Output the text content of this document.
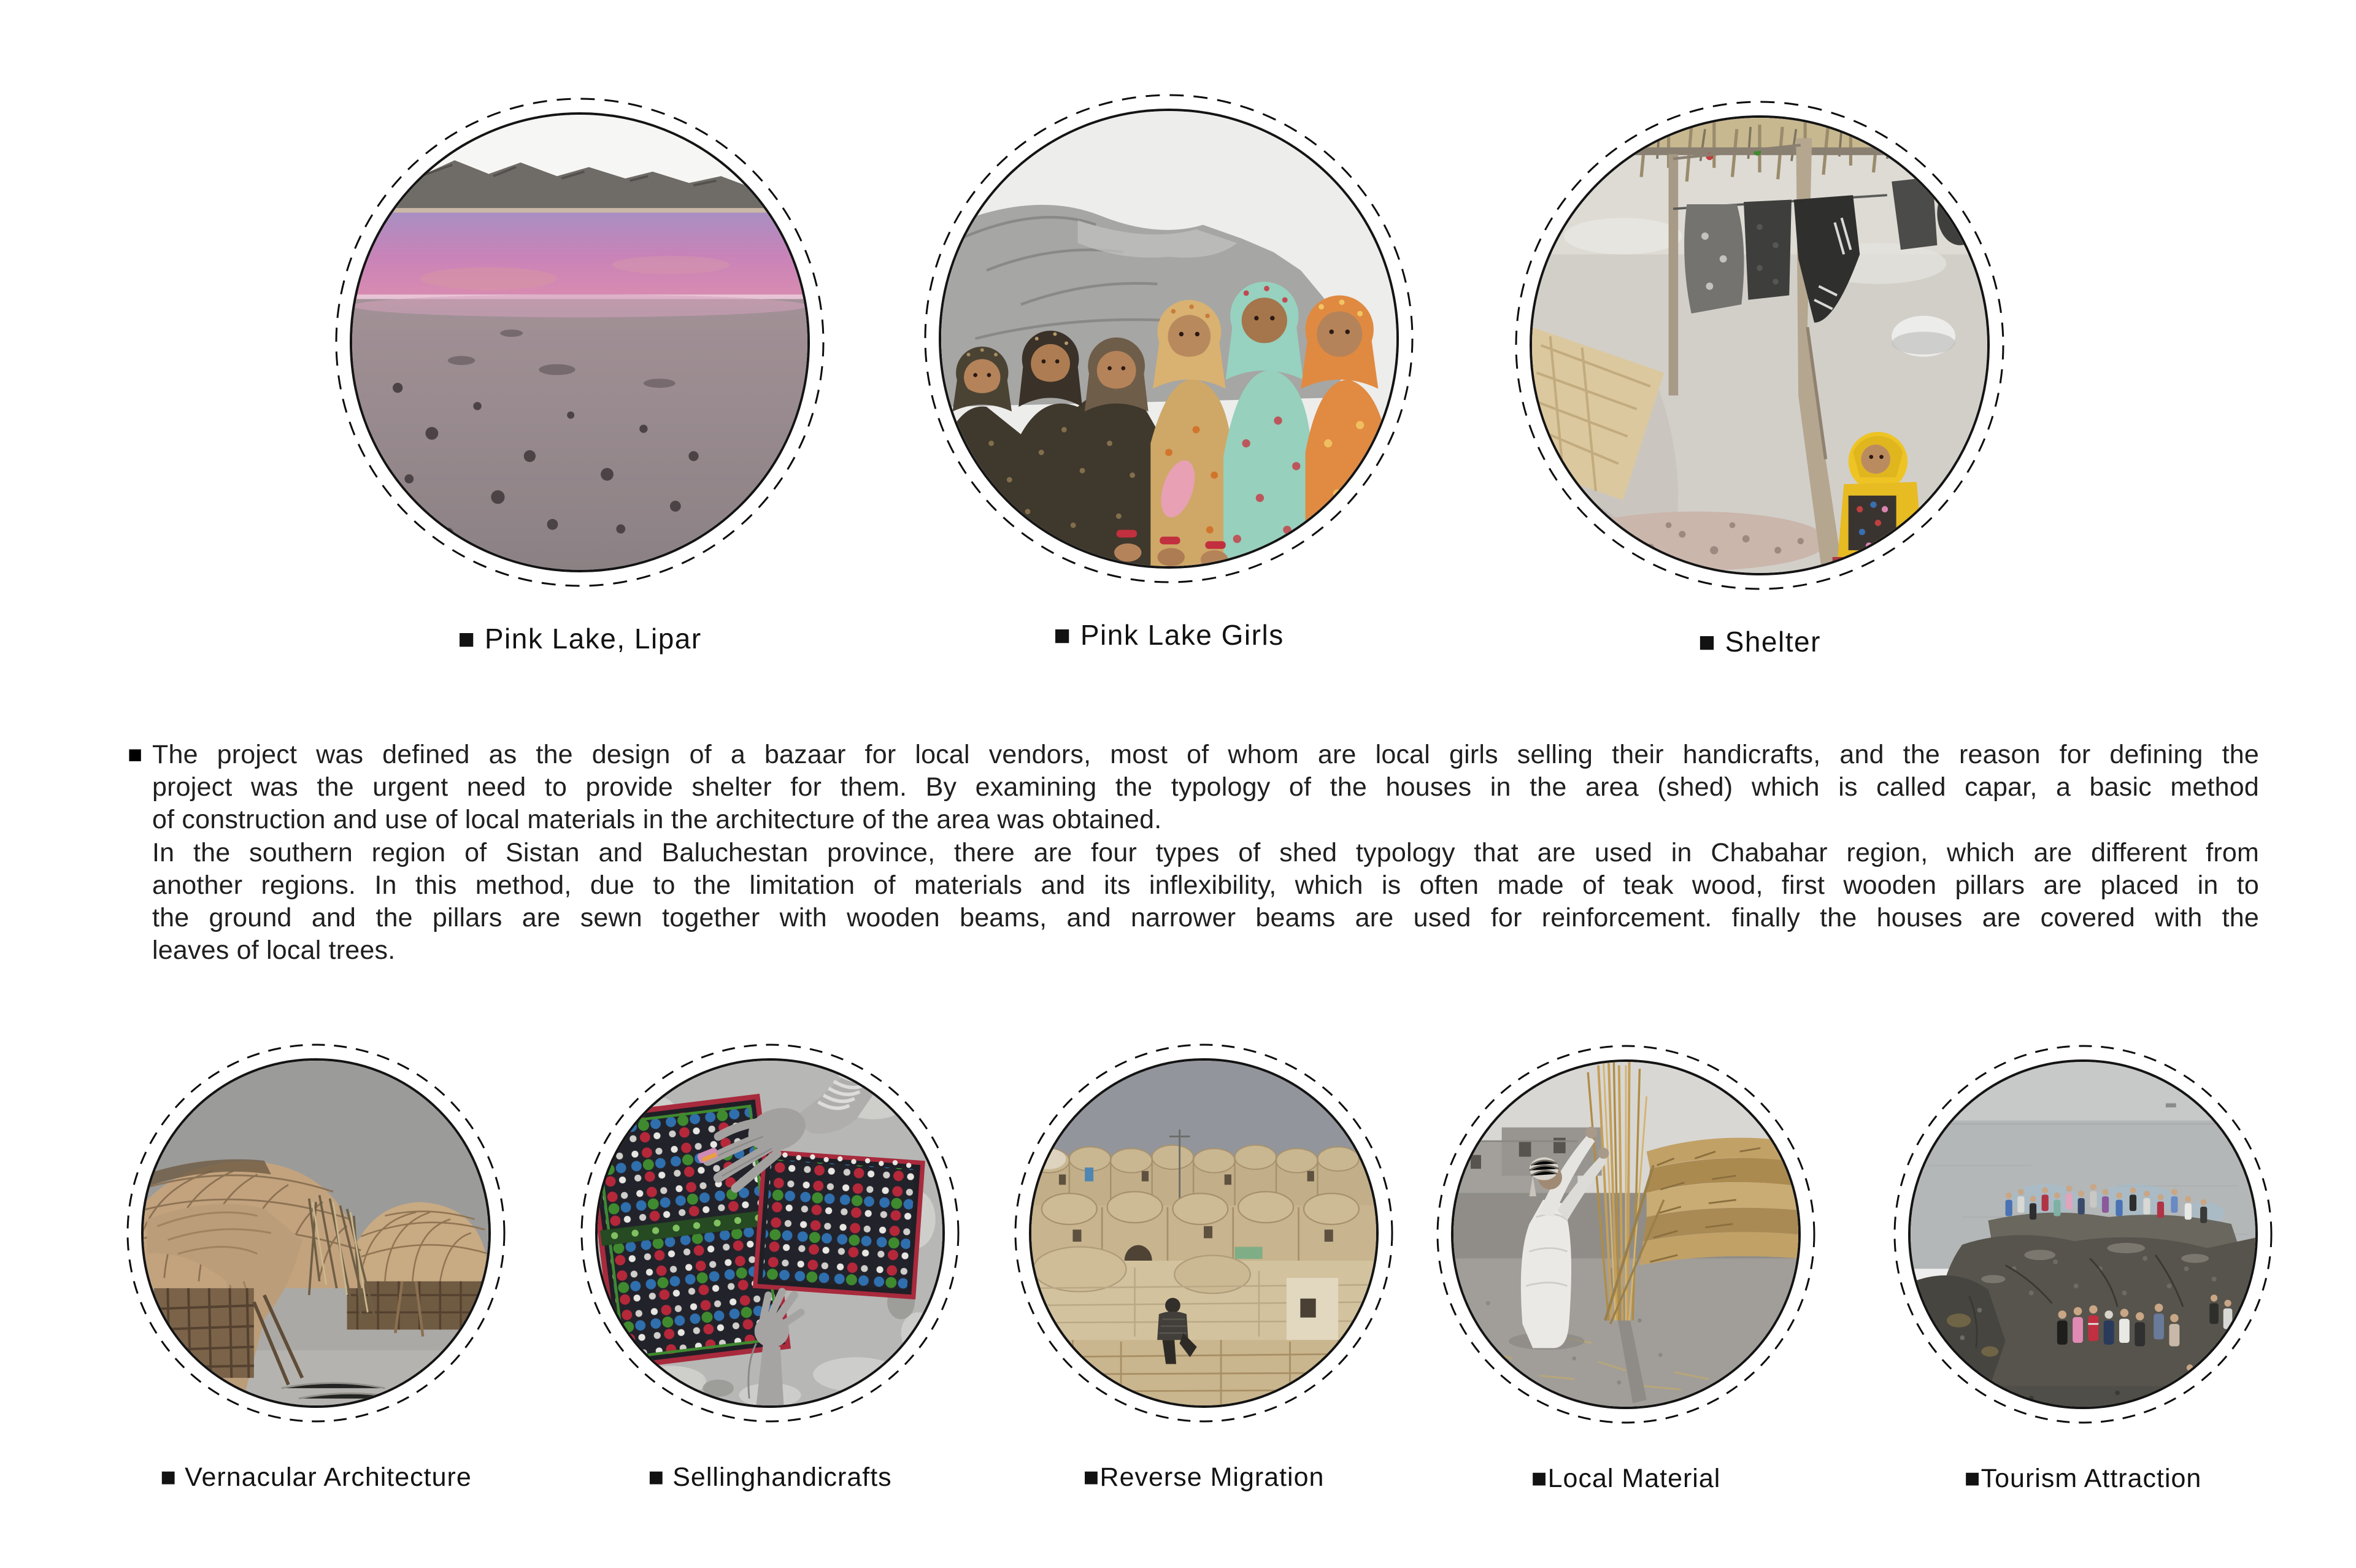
■ Pink Lake, Lipar	■ Pink Lake Girls	■ Shelter
■ The project was defined as the design of a bazaar for local vendors, most of whom are local girls selling their handicrafts, and the reason for defining the
project was the urgent need to provide shelter for them. By examining the typology of the houses in the area (shed) which is called capar, a basic method
of construction and use of local materials in the architecture of the area was obtained.
In the southern region of Sistan and Baluchestan province, there are four types of shed typology that are used in Chabahar region, which are different from
another regions. In this method, due to the limitation of materials and its inflexibility, which is often made of teak wood, first wooden pillars are placed in to
the ground and the pillars are sewn together with wooden beams, and narrower beams are used for reinforcement. finally the houses are covered with the
leaves of local trees.
■ Vernacular Architecture	■ Sellinghandicrafts	■Reverse Migration	■Local Material	■Tourism Attraction
